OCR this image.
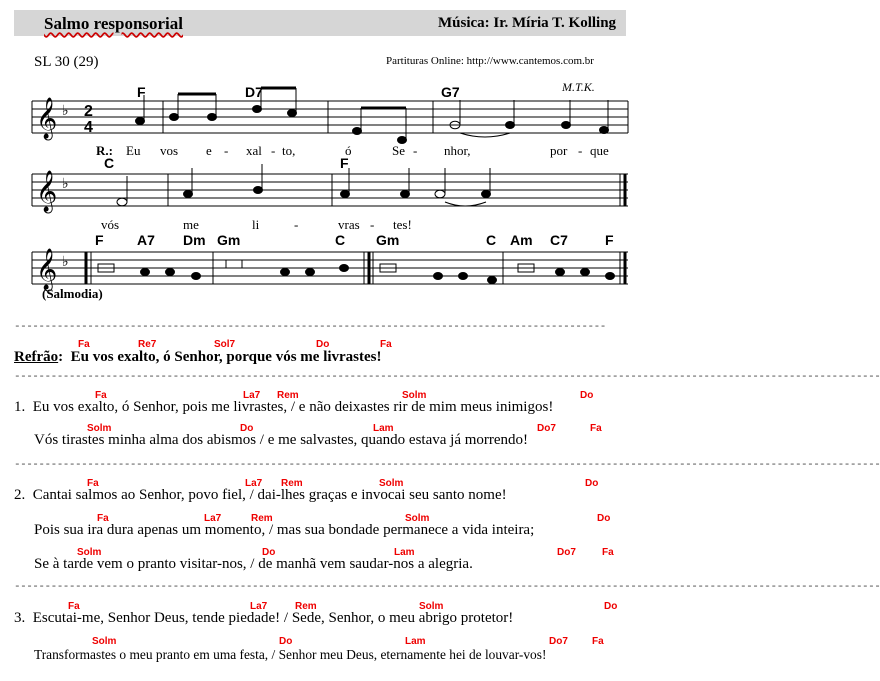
Salmo responsorial	Música: Ir. Míria T. Kolling
SL 30 (29)	Partituras Online: http://www.cantemos.com.br
M.T.K.
𝄞
𝄞
𝄞
♭
♭
♭
2
4
F	D7	G7
C	F
F A7 Dm Gm	C Gm	C Am C7	F
R.: Eu vos e - xal - to,	ó	Se - nhor,	por - que
vós	me	li	-	vras - tes!
(Salmodia)
-------------------------------------------------------------------------------------------------
Fa	Re7	Sol7	Do	Fa
Refrão:  Eu vos exalto, ó Senhor, porque vós me livrastes!
----------------------------------------------------------------------------------------------------------------------------------------------
Fa	La7 Rem	Solm	Do
1. Eu vos exalto, ó Senhor, pois me livrastes, / e não deixastes rir de mim meus inimigos!
Solm	Do	Lam	Do7	Fa
Vós tirastes minha alma dos abismos / e me salvastes, quando estava já morrendo!
----------------------------------------------------------------------------------------------------------------------------------------------
Fa	La7 Rem	Solm	Do
2. Cantai salmos ao Senhor, povo fiel, / dai-lhes graças e invocai seu santo nome!
Fa	La7	Rem	Solm	Do
Pois sua ira dura apenas um momento, / mas sua bondade permanece a vida inteira;
Solm	Do	Lam	Do7	Fa
Se à tarde vem o pranto visitar-nos, / de manhã vem saudar-nos a alegria.
----------------------------------------------------------------------------------------------------------------------------------------------
Fa	La7	Rem	Solm	Do
3. Escutai-me, Senhor Deus, tende piedade! / Sede, Senhor, o meu abrigo protetor!
Solm	Do	Lam	Do7 Fa
Transformastes o meu pranto em uma festa, / Senhor meu Deus, eternamente hei de louvar-vos!
